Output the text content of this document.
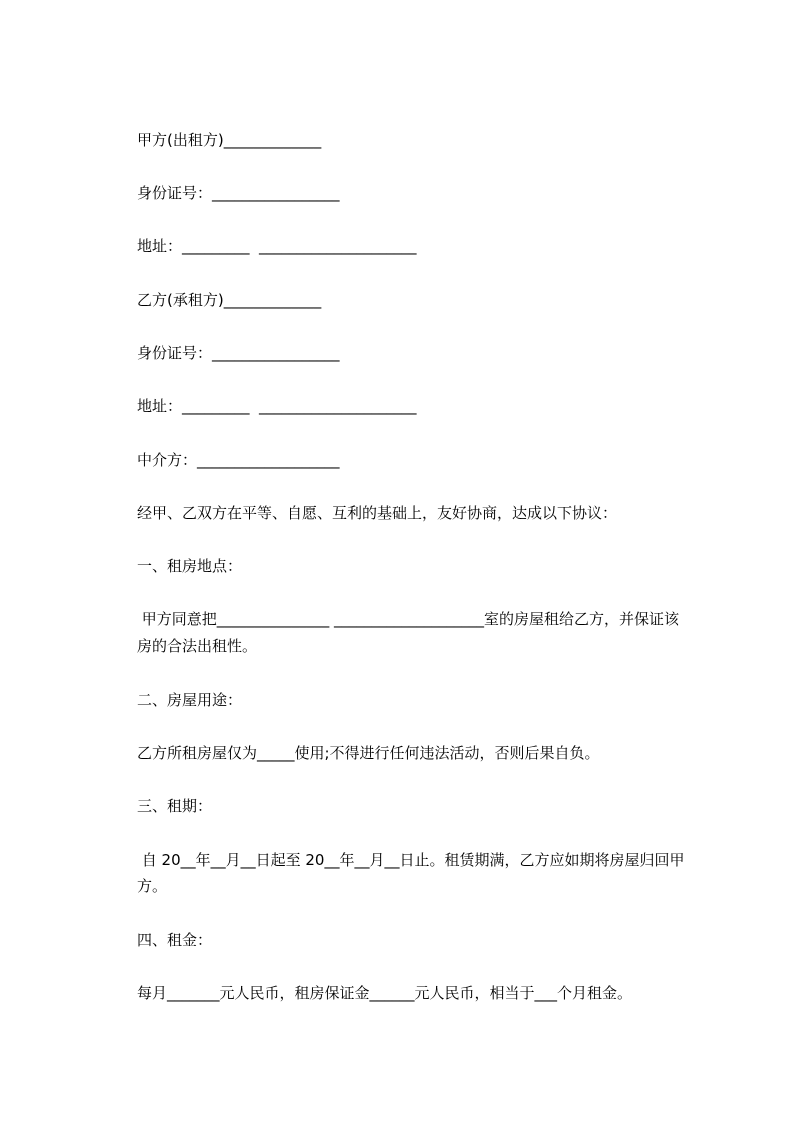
甲方(出租方)_____________

身份证号：_________________

地址：_________  _____________________

乙方(承租方)_____________

身份证号：_________________

地址：_________  _____________________

中介方：___________________

经甲、乙双方在平等、自愿、互利的基础上，友好协商，达成以下协议：

一、租房地点：

甲方同意把_______________ ____________________室的房屋租给乙方，并保证该

房的合法出租性。

二、房屋用途：

乙方所租房屋仅为_____使用;不得进行任何违法活动，否则后果自负。

三、租期：

自 20__年__月__日起至 20__年__月__日止。租赁期满，乙方应如期将房屋归回甲

方。

四、租金：

每月_______元人民币，租房保证金______元人民币，相当于___个月租金。
